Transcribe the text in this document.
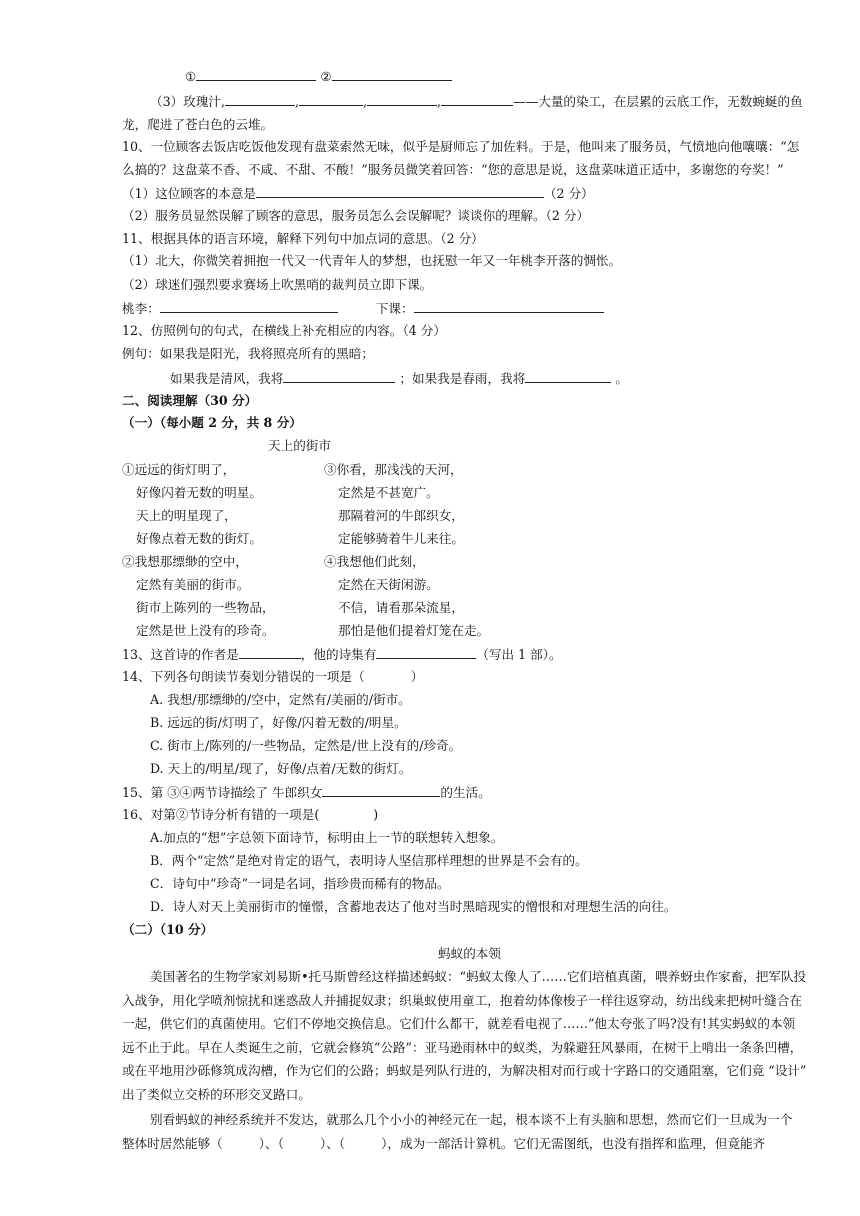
①	②
（3）玫瑰汁,	,	,	,	——大量的染工，在层累的云底工作，无数蜿蜒的鱼
龙，爬进了苍白色的云堆。
10、一位顾客去饭店吃饭他发现有盘菜索然无味，似乎是厨师忘了加佐料。于是，他叫来了服务员，气愤地向他嚷嚷：“怎
么搞的？这盘菜不香、不咸、不甜、不酸！”服务员微笑着回答：“您的意思是说，这盘菜味道正适中，多谢您的夸奖！”
（1）这位顾客的本意是	（2 分）
（2）服务员显然误解了顾客的意思，服务员怎么会误解呢？谈谈你的理解。（2 分）
11、根据具体的语言环境，解释下列句中加点词的意思。（2 分）
（1）北大，你微笑着拥抱一代又一代青年人的梦想，也抚慰一年又一年桃李开落的惆怅。
（2）球迷们强烈要求赛场上吹黑哨的裁判员立即下课。
桃李：	下课：
12、仿照例句的句式，在横线上补充相应的内容。（4 分）
例句：如果我是阳光，我将照亮所有的黑暗；
如果我是清风，我将	；如果我是春雨，我将	。
二、阅读理解（30 分）
（一）（每小题 2 分，共 8 分）
天上的街市
13、这首诗的作者是	，他的诗集有	（写出 1 部）。
14、下列各句朗读节奏划分错误的一项是（	）
A. 我想/那缥缈的/空中，定然有/美丽的/街市。
B. 远远的街/灯明了，好像/闪着无数的/明星。
C. 街市上/陈列的/一些物品，定然是/世上没有的/珍奇。
D. 天上的/明星/现了，好像/点着/无数的街灯。
15、第 ③④两节诗描绘了 牛郎织女	的生活。
16、对第②节诗分析有错的一项是(	)
A.加点的“想”字总领下面诗节，标明由上一节的联想转入想象。
B．两个“定然”是绝对肯定的语气，表明诗人坚信那样理想的世界是不会有的。
C．诗句中“珍奇”一词是名词，指珍贵而稀有的物品。
D．诗人对天上美丽街市的憧憬，含蓄地表达了他对当时黑暗现实的憎恨和对理想生活的向往。
（二）（10 分）
蚂蚁的本领
别看蚂蚁的神经系统并不发达，就那么几个小小的神经元在一起，根本谈不上有头脑和思想，然而它们一旦成为一个
整体时居然能够（	）、（	）、（	），成为一部活计算机。它们无需图纸，也没有指挥和监理，但竟能齐
①远远的街灯明了，
好像闪着无数的明星。
天上的明星现了，
好像点着无数的街灯。
②我想那缥缈的空中，
定然有美丽的街市。
街市上陈列的一些物品，
定然是世上没有的珍奇。
③你看，那浅浅的天河，
定然是不甚宽广。
那隔着河的牛郎织女，
定能够骑着牛儿来往。
④我想他们此刻，
定然在天街闲游。
不信，请看那朵流星，
那怕是他们提着灯笼在走。
美国著名的生物学家刘易斯•托马斯曾经这样描述蚂蚁：“蚂蚁太像人了……它们培植真菌，喂养蚜虫作家畜，把军队投
入战争，用化学喷剂惊扰和迷惑敌人并捕捉奴隶；织巢蚁使用童工，抱着幼体像梭子一样往返穿动，纺出线来把树叶缝合在
一起，供它们的真菌使用。它们不停地交换信息。它们什么都干，就差看电视了……”他太夸张了吗?没有!其实蚂蚁的本领
远不止于此。早在人类诞生之前，它就会修筑“公路”：亚马逊雨林中的蚁类，为躲避狂风暴雨，在树干上啃出一条条凹槽，
或在平地用沙砾修筑成沟槽，作为它们的公路；蚂蚁是列队行进的，为解决相对而行或十字路口的交通阻塞，它们竟 “设计”
出了类似立交桥的环形交叉路口。
